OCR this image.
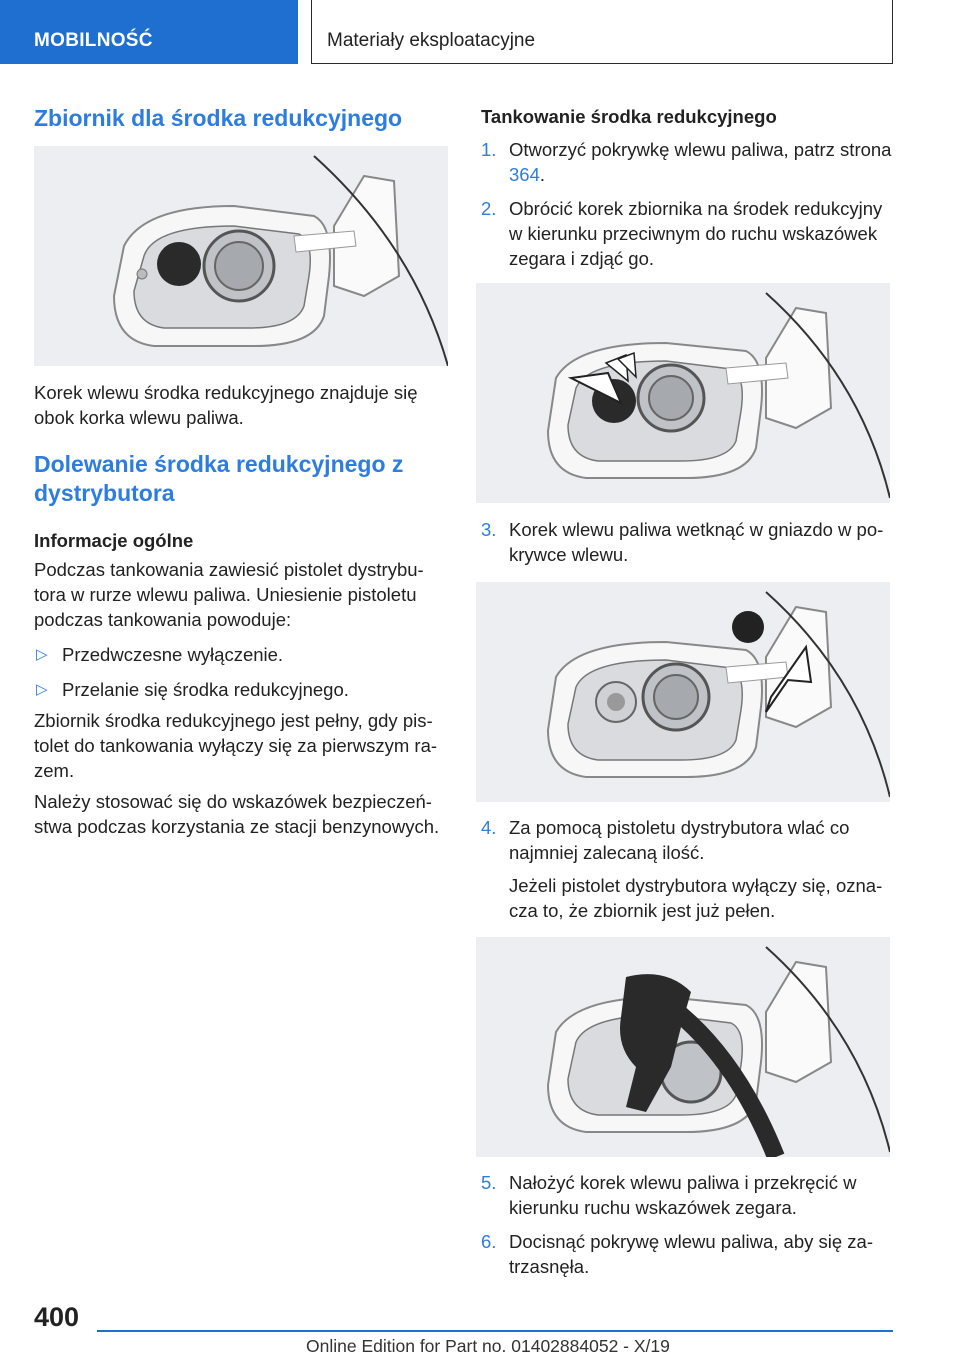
MOBILNOŚĆ	Materiały eksploatacyjne

Zbiornik dla środka redukcyjnego

Korek wlewu środka redukcyjnego znajduje się obok korka wlewu paliwa.

Dolewanie środka redukcyjnego z dystrybutora

Informacje ogólne

Podczas tankowania zawiesić pistolet dystrybu‐tora w rurze wlewu paliwa. Uniesienie pistoletu podczas tankowania powoduje:

▷ Przedwczesne wyłączenie.
▷ Przelanie się środka redukcyjnego.

Zbiornik środka redukcyjnego jest pełny, gdy pis‐tolet do tankowania wyłączy się za pierwszym ra‐zem.

Należy stosować się do wskazówek bezpieczeń‐stwa podczas korzystania ze stacji benzynowych.

Tankowanie środka redukcyjnego

1. Otworzyć pokrywkę wlewu paliwa, patrz strona 364.
2. Obrócić korek zbiornika na środek redukcyjny w kierunku przeciwnym do ruchu wskazówek zegara i zdjąć go.
3. Korek wlewu paliwa wetknąć w gniazdo w po‐krywce wlewu.
4. Za pomocą pistoletu dystrybutora wlać co najmniej zalecaną ilość.

Jeżeli pistolet dystrybutora wyłączy się, ozna‐cza to, że zbiornik jest już pełen.

5. Nałożyć korek wlewu paliwa i przekręcić w kierunku ruchu wskazówek zegara.
6. Docisnąć pokrywę wlewu paliwa, aby się za‐trzasnęła.
400
Online Edition for Part no. 01402884052 - X/19
